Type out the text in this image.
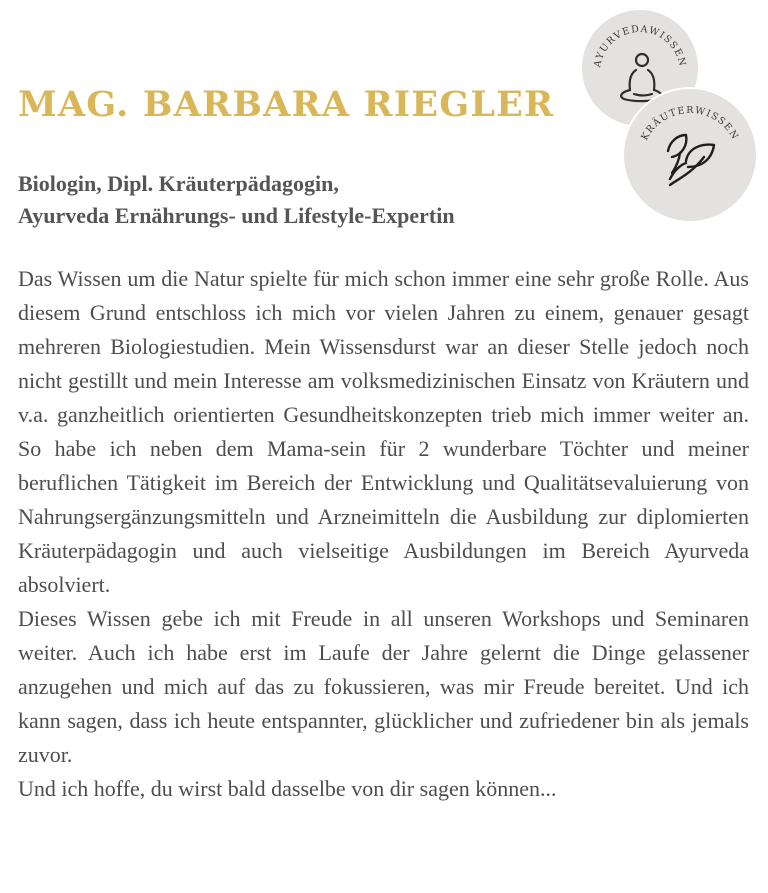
MAG. BARBARA RIEGLER
Biologin, Dipl. Kräuterpädagogin,
Ayurveda Ernährungs- und Lifestyle-Expertin
AYURVEDAWISSEN
KRÄUTERWISSEN

Das Wissen um die Natur spielte für mich schon immer eine sehr große Rolle. Aus diesem Grund entschloss ich mich vor vielen Jahren zu einem, genauer gesagt mehreren Biologiestudien. Mein Wissensdurst war an dieser Stelle jedoch noch nicht gestillt und mein Interesse am volksmedizinischen Einsatz von Kräutern und v.a. ganzheitlich orientierten Gesundheitskonzepten trieb mich immer weiter an. So habe ich neben dem Mama-sein für 2 wunderbare Töchter und meiner beruflichen Tätigkeit im Bereich der Entwicklung und Qualitätsevaluierung von Nahrungsergänzungsmitteln und Arzneimitteln die Ausbildung zur diplomierten Kräuterpädagogin und auch vielseitige Ausbildungen im Bereich Ayurveda absolviert.

Dieses Wissen gebe ich mit Freude in all unseren Workshops und Seminaren weiter. Auch ich habe erst im Laufe der Jahre gelernt die Dinge gelassener anzugehen und mich auf das zu fokussieren, was mir Freude bereitet. Und ich kann sagen, dass ich heute entspannter, glücklicher und zufriedener bin als jemals zuvor.

Und ich hoffe, du wirst bald dasselbe von dir sagen können...
